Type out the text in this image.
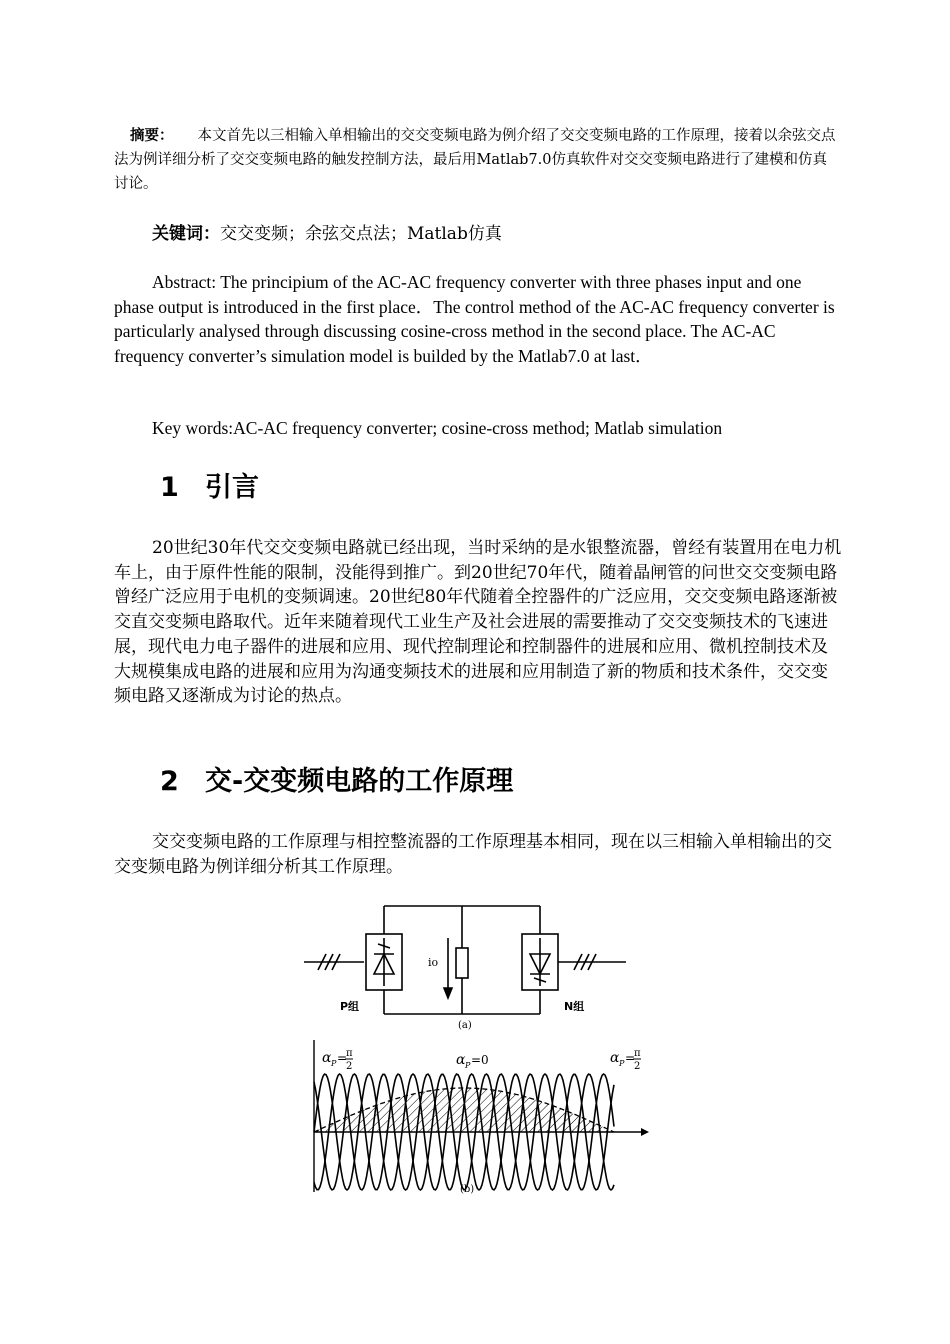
摘要： 本文首先以三相输入单相输出的交交变频电路为例介绍了交交变频电路的工作原理，接着以余弦交点法为例详细分析了交交变频电路的触发控制方法，最后用Matlab7.0仿真软件对交交变频电路进行了建模和仿真讨论。
关键词：交交变频；余弦交点法；Matlab仿真
Abstract: The principium of the AC-AC frequency converter with three phases input and one phase output is introduced in the first place．The control method of the AC-AC frequency converter is particularly analysed through discussing cosine-cross method in the second place. The AC-AC frequency converter’s simulation model is builded by the Matlab7.0 at last．
Key words:AC-AC frequency converter; cosine-cross method; Matlab simulation
1 引言
20世纪30年代交交变频电路就已经出现，当时采纳的是水银整流器，曾经有装置用在电力机车上，由于原件性能的限制，没能得到推广。到20世纪70年代，随着晶闸管的问世交交变频电路曾经广泛应用于电机的变频调速。20世纪80年代随着全控器件的广泛应用，交交变频电路逐渐被交直交变频电路取代。近年来随着现代工业生产及社会进展的需要推动了交交变频技术的飞速进展，现代电力电子器件的进展和应用、现代控制理论和控制器件的进展和应用、微机控制技术及大规模集成电路的进展和应用为沟通变频技术的进展和应用制造了新的物质和技术条件，交交变频电路又逐渐成为讨论的热点。
2 交-交变频电路的工作原理
交交变频电路的工作原理与相控整流器的工作原理基本相同，现在以三相输入单相输出的交交变频电路为例详细分析其工作原理。
io
P组	N组
(a)
α P =
π
2	α P =0	α P =
π
2
(b)
